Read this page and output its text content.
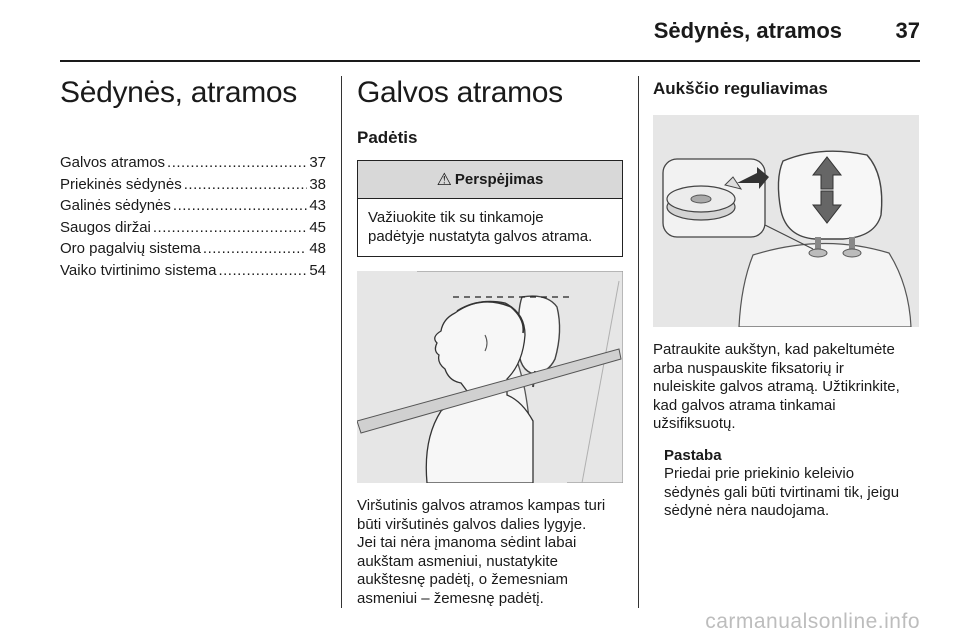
Sėdynės, atramos 37
Sėdynės, atramos
Galvos atramos .....	37
Priekinės sėdynės .....	38
Galinės sėdynės .....	43
Saugos diržai .....	45
Oro pagalvių sistema .....	48
Vaiko tvirtinimo sistema .....	54
Galvos atramos
Padėtis
⚠ Perspėjimas
Važiuokite tik su tinkamoje
padėtyje nustatyta galvos atrama.

Viršutinis galvos atramos kampas turi

būti viršutinės galvos dalies lygyje.

Jei tai nėra įmanoma sėdint labai

aukštam asmeniui, nustatykite

aukštesnę padėtį, o žemesniam

asmeniui – žemesnę padėtį.

Aukščio reguliavimas

Patraukite aukštyn, kad pakeltumėte

arba nuspauskite fiksatorių ir

nuleiskite galvos atramą. Užtikrinkite,

kad galvos atrama tinkamai

užsifiksuotų.

Pastaba

Priedai prie priekinio keleivio

sėdynės gali būti tvirtinami tik, jeigu

sėdynė nėra naudojama.

carmanualsonline.info
